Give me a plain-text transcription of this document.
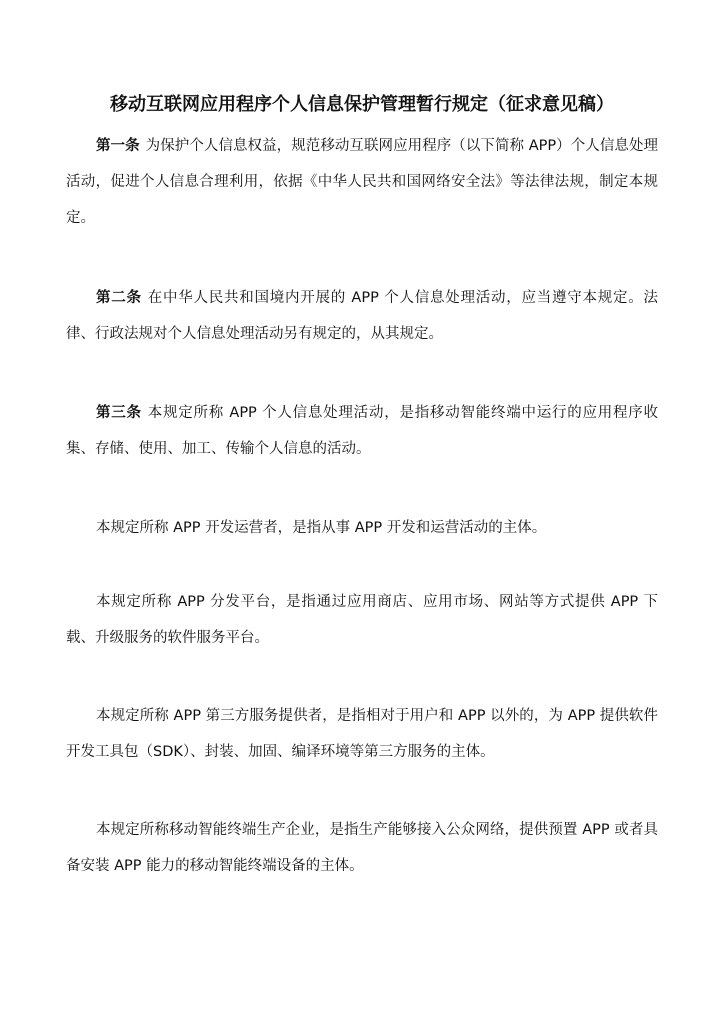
移动互联网应用程序个人信息保护管理暂行规定（征求意见稿）

第一条 为保护个人信息权益，规范移动互联网应用程序（以下简称 APP）个人信息处理活动，促进个人信息合理利用，依据《中华人民共和国网络安全法》等法律法规，制定本规定。

第二条 在中华人民共和国境内开展的 APP 个人信息处理活动，应当遵守本规定。法律、行政法规对个人信息处理活动另有规定的，从其规定。

第三条 本规定所称 APP 个人信息处理活动，是指移动智能终端中运行的应用程序收集、存储、使用、加工、传输个人信息的活动。

本规定所称 APP 开发运营者，是指从事 APP 开发和运营活动的主体。

本规定所称 APP 分发平台，是指通过应用商店、应用市场、网站等方式提供 APP 下载、升级服务的软件服务平台。

本规定所称 APP 第三方服务提供者，是指相对于用户和 APP 以外的，为 APP 提供软件开发工具包（SDK）、封装、加固、编译环境等第三方服务的主体。

本规定所称移动智能终端生产企业，是指生产能够接入公众网络，提供预置 APP 或者具备安装 APP 能力的移动智能终端设备的主体。
